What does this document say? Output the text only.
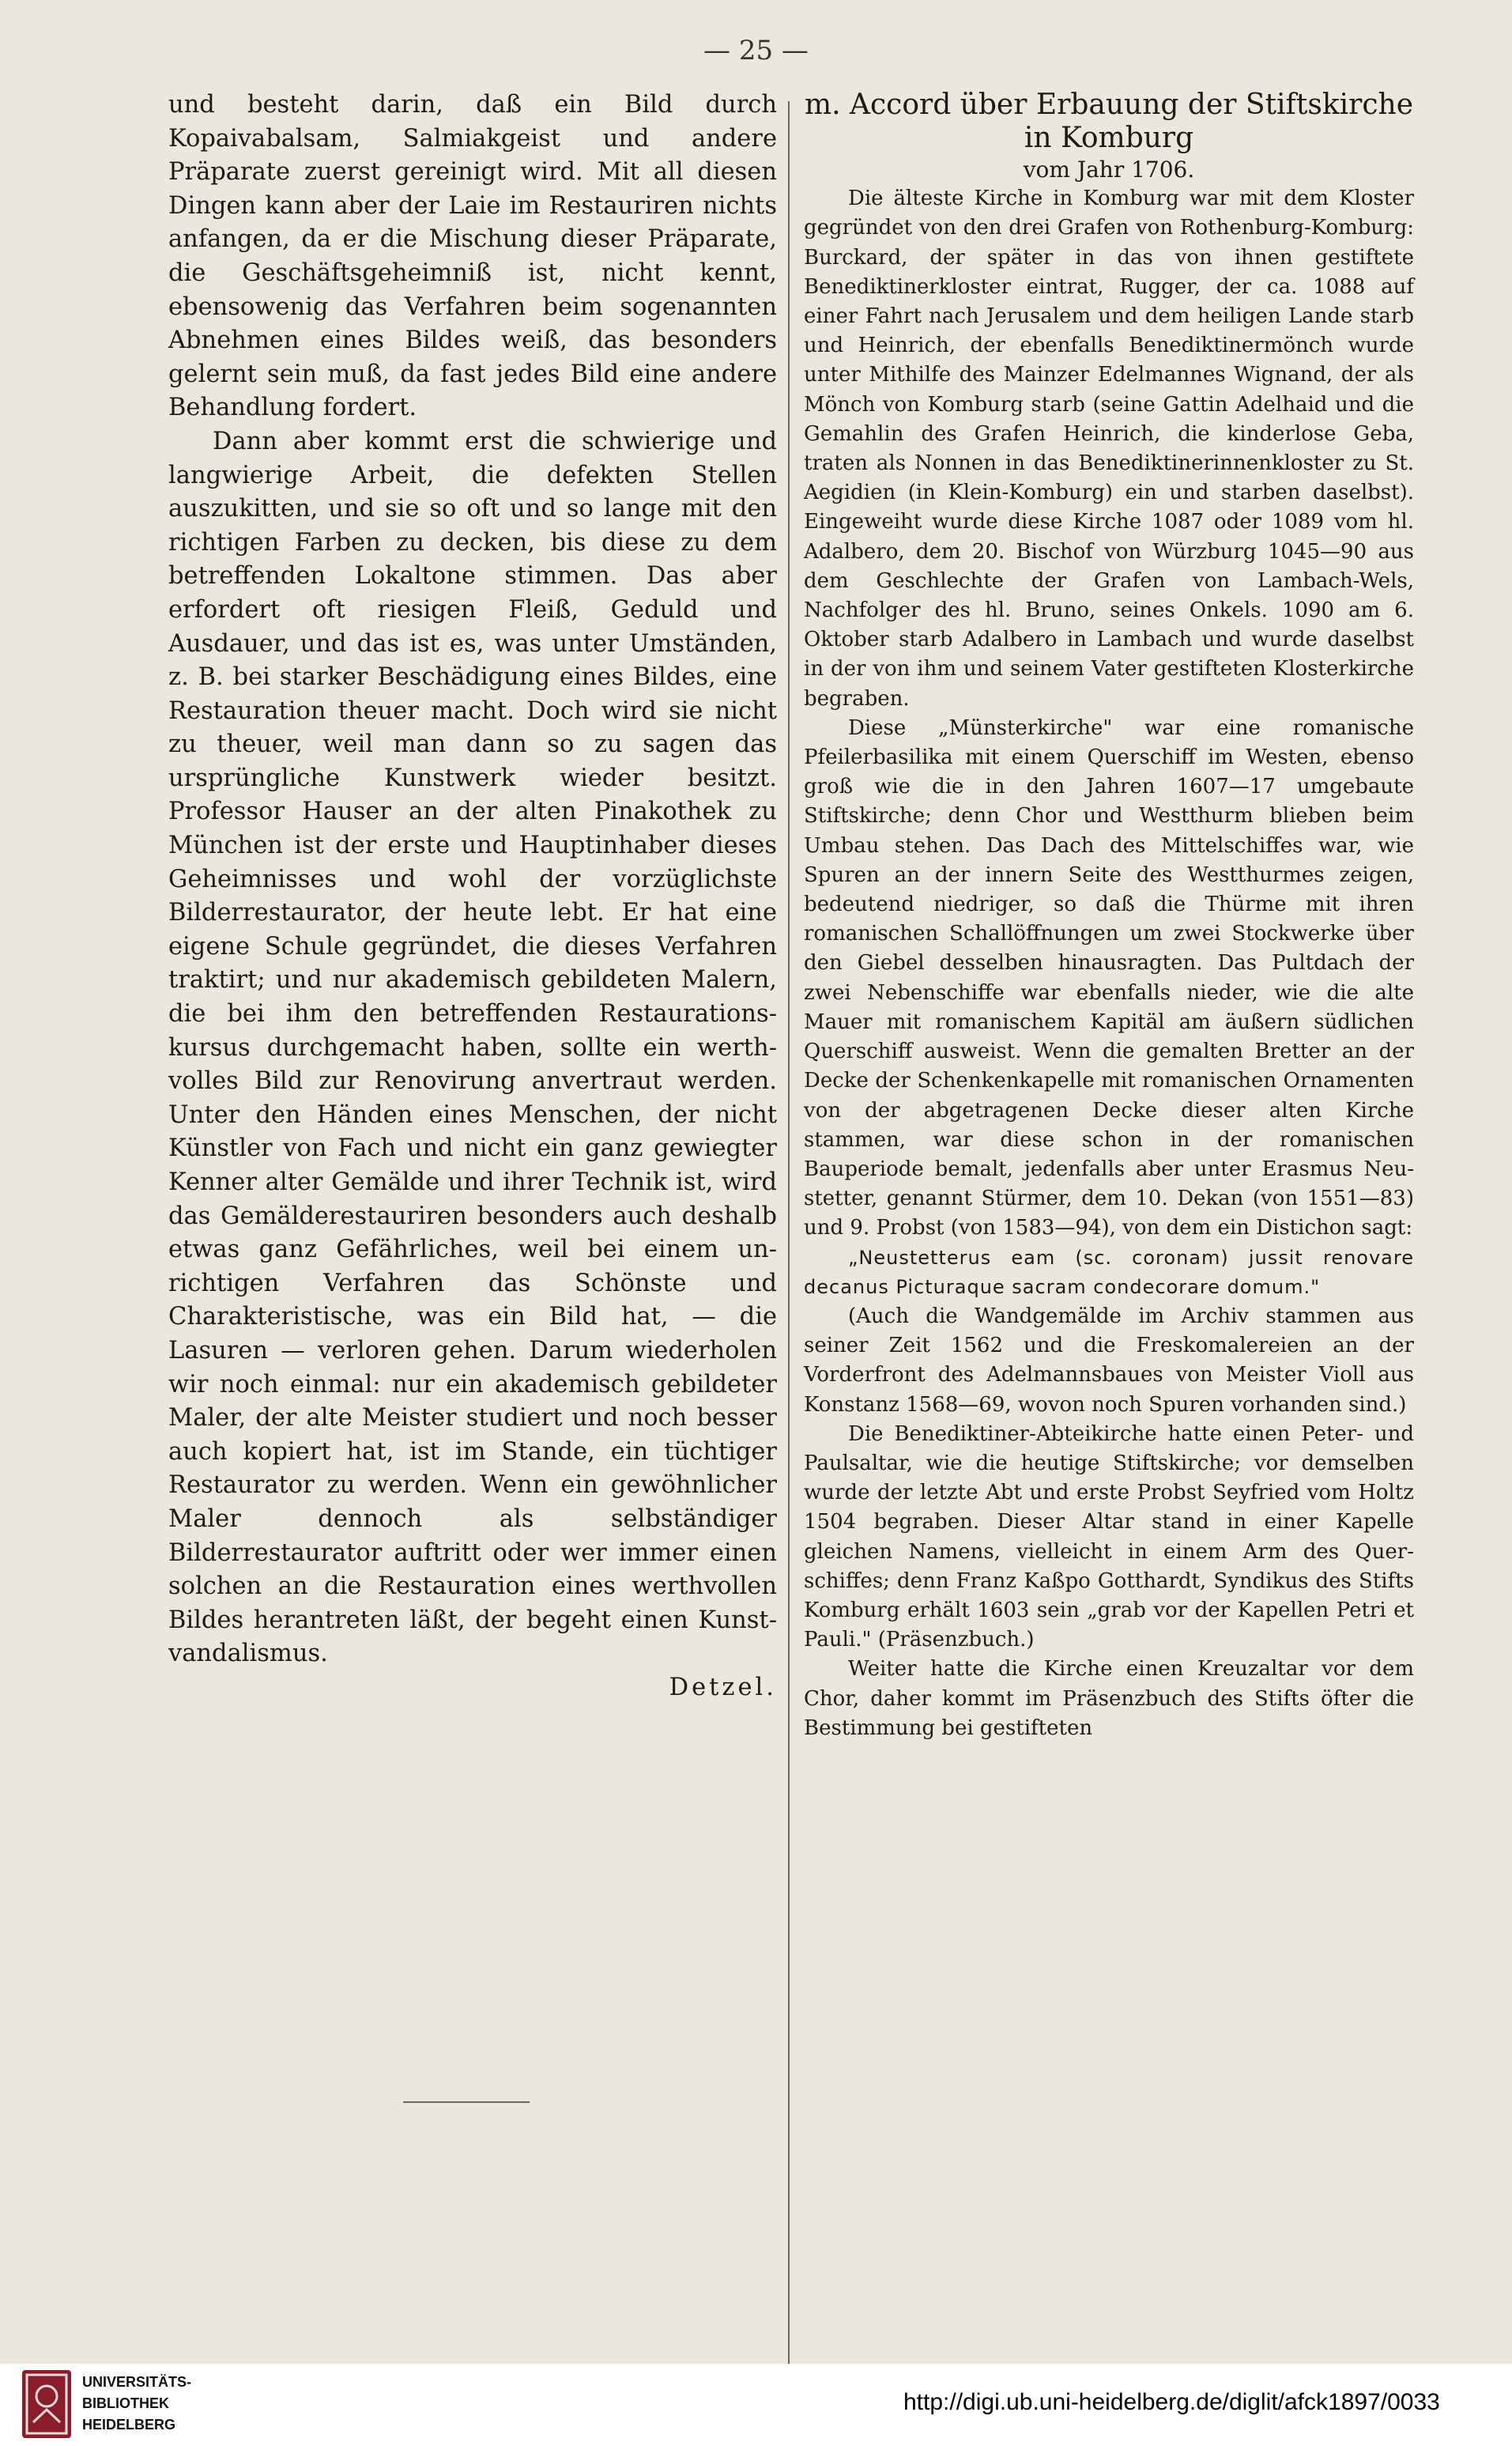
— 25 —

und besteht darin, daß ein Bild durch Kopaivabalsam, Salmiakgeist und andere Präparate zuerst gereinigt wird. Mit all diesen Dingen kann aber der Laie im Restauriren nichts anfangen, da er die Mischung dieser Präparate, die Geschäftsgeheimniß ist, nicht kennt, ebensowenig das Verfahren beim sogenannten Abnehmen eines Bildes weiß, das besonders gelernt sein muß, da fast jedes Bild eine andere Behandlung fordert.

Dann aber kommt erst die schwierige und langwierige Arbeit, die defekten Stellen auszukitten, und sie so oft und so lange mit den richtigen Farben zu decken, bis diese zu dem betreffenden Lokaltone stimmen. Das aber erfordert oft riesigen Fleiß, Geduld und Ausdauer, und das ist es, was unter Umständen, z. B. bei starker Beschädigung eines Bildes, eine Restauration theuer macht. Doch wird sie nicht zu theuer, weil man dann so zu sagen das ursprüngliche Kunstwerk wieder besitzt. Professor Hauser an der alten Pinakothek zu München ist der erste und Hauptinhaber dieses Geheimnisses und wohl der vorzüglichste Bilderrestaurator, der heute lebt. Er hat eine eigene Schule gegründet, die dieses Verfahren traktirt; und nur akademisch gebildeten Malern, die bei ihm den betreffenden Restaurationskursus durchgemacht haben, sollte ein werthvolles Bild zur Renovirung anvertraut werden. Unter den Händen eines Menschen, der nicht Künstler von Fach und nicht ein ganz gewiegter Kenner alter Gemälde und ihrer Technik ist, wird das Gemälderestauriren besonders auch deshalb etwas ganz Gefährliches, weil bei einem unrichtigen Verfahren das Schönste und Charakteristische, was ein Bild hat, — die Lasuren — verloren gehen. Darum wiederholen wir noch einmal: nur ein akademisch gebildeter Maler, der alte Meister studiert und noch besser auch kopiert hat, ist im Stande, ein tüchtiger Restaurator zu werden. Wenn ein gewöhnlicher Maler dennoch als selbständiger Bilderrestaurator auftritt oder wer immer einen solchen an die Restauration eines werthvollen Bildes herantreten läßt, der begeht einen Kunstvandalismus.

Detzel.

m. Accord über Erbauung der Stiftskirche in Komburg

vom Jahr 1706.

Die älteste Kirche in Komburg war mit dem Kloster gegründet von den drei Grafen von Rothenburg-Komburg: Burckard, der später in das von ihnen gestiftete Benediktinerkloster eintrat, Rugger, der ca. 1088 auf einer Fahrt nach Jerusalem und dem heiligen Lande starb und Heinrich, der ebenfalls Benediktinermönch wurde unter Mithilfe des Mainzer Edelmannes Wignand, der als Mönch von Komburg starb (seine Gattin Adelhaid und die Gemahlin des Grafen Heinrich, die kinderlose Geba, traten als Nonnen in das Benediktinerinnenkloster zu St. Aegidien (in Klein-Komburg) ein und starben daselbst). Eingeweiht wurde diese Kirche 1087 oder 1089 vom hl. Adalbero, dem 20. Bischof von Würzburg 1045—90 aus dem Geschlechte der Grafen von Lambach-Wels, Nachfolger des hl. Bruno, seines Onkels. 1090 am 6. Oktober starb Adalbero in Lambach und wurde daselbst in der von ihm und seinem Vater gestifteten Klosterkirche begraben.

Diese „Münsterkirche" war eine romanische Pfeilerbasilika mit einem Querschiff im Westen, ebenso groß wie die in den Jahren 1607—17 umgebaute Stiftskirche; denn Chor und Westthurm blieben beim Umbau stehen. Das Dach des Mittelschiffes war, wie Spuren an der innern Seite des Westthurmes zeigen, bedeutend niedriger, so daß die Thürme mit ihren romanischen Schallöffnungen um zwei Stockwerke über den Giebel desselben hinausragten. Das Pultdach der zwei Nebenschiffe war ebenfalls nieder, wie die alte Mauer mit romanischem Kapitäl am äußern südlichen Querschiff ausweist. Wenn die gemalten Bretter an der Decke der Schenkenkapelle mit romanischen Ornamenten von der abgetragenen Decke dieser alten Kirche stammen, war diese schon in der romanischen Bauperiode bemalt, jedenfalls aber unter Erasmus Neustetter, genannt Stürmer, dem 10. Dekan (von 1551—83) und 9. Probst (von 1583—94), von dem ein Distichon sagt:

„Neustetterus eam (sc. coronam) jussit renovare decanus Picturaque sacram condecorare domum."

(Auch die Wandgemälde im Archiv stammen aus seiner Zeit 1562 und die Freskomalereien an der Vorderfront des Adelmannsbaues von Meister Violl aus Konstanz 1568—69, wovon noch Spuren vorhanden sind.)

Die Benediktiner-Abteikirche hatte einen Peter- und Paulsaltar, wie die heutige Stiftskirche; vor demselben wurde der letzte Abt und erste Probst Seyfried vom Holtz 1504 begraben. Dieser Altar stand in einer Kapelle gleichen Namens, vielleicht in einem Arm des Querschiffes; denn Franz Kaßpo Gotthardt, Syndikus des Stifts Komburg erhält 1603 sein „grab vor der Kapellen Petri et Pauli." (Präsenzbuch.)

Weiter hatte die Kirche einen Kreuzaltar vor dem Chor, daher kommt im Präsenzbuch des Stifts öfter die Bestimmung bei gestifteten

UNIVERSITÄTS-
BIBLIOTHEK
HEIDELBERG
http://digi.ub.uni-heidelberg.de/diglit/afck1897/0033
